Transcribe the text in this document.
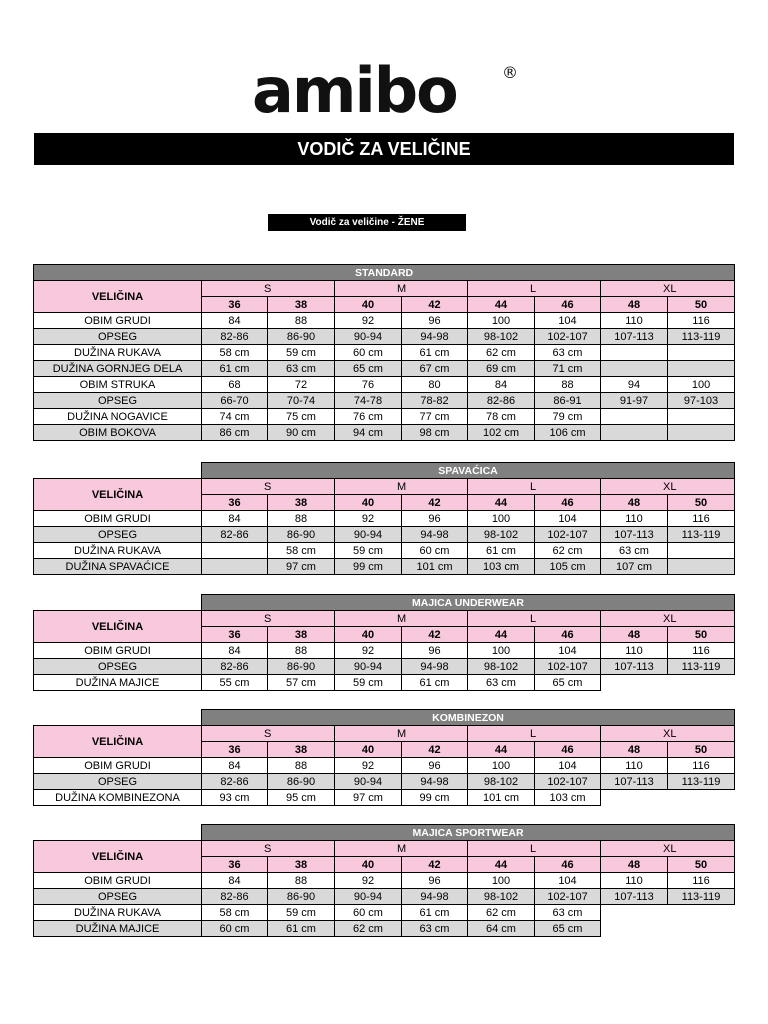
amibo	®
VODIČ ZA VELIČINE
Vodič za veličine - ŽENE
STANDARD								
VELIČINA	S		M		L		XL	
	36	38	40	42	44	46	48	50
OBIM GRUDI	84	88	92	96	100	104	110	116
OPSEG	82-86	86-90	90-94	94-98	98-102	102-107	107-113	113-119
DUŽINA RUKAVA	58 cm	59 cm	60 cm	61 cm	62 cm	63 cm		
DUŽINA GORNJEG DELA	61 cm	63 cm	65 cm	67 cm	69 cm	71 cm		
OBIM STRUKA	68	72	76	80	84	88	94	100
OPSEG	66-70	70-74	74-78	78-82	82-86	86-91	91-97	97-103
DUŽINA NOGAVICE	74 cm	75 cm	76 cm	77 cm	78 cm	79 cm		
OBIM BOKOVA	86 cm	90 cm	94 cm	98 cm	102 cm	106 cm		
	SPAVAĆICA							
VELIČINA	S		M		L		XL	
	36	38	40	42	44	46	48	50
OBIM GRUDI	84	88	92	96	100	104	110	116
OPSEG	82-86	86-90	90-94	94-98	98-102	102-107	107-113	113-119
DUŽINA RUKAVA		58 cm	59 cm	60 cm	61 cm	62 cm	63 cm	
DUŽINA SPAVAĆICE		97 cm	99 cm	101 cm	103 cm	105 cm	107 cm	
	MAJICA UNDERWEAR							
VELIČINA	S		M		L		XL	
	36	38	40	42	44	46	48	50
OBIM GRUDI	84	88	92	96	100	104	110	116
OPSEG	82-86	86-90	90-94	94-98	98-102	102-107	107-113	113-119
DUŽINA MAJICE	55 cm	57 cm	59 cm	61 cm	63 cm	65 cm		
	KOMBINEZON							
VELIČINA	S		M		L		XL	
	36	38	40	42	44	46	48	50
OBIM GRUDI	84	88	92	96	100	104	110	116
OPSEG	82-86	86-90	90-94	94-98	98-102	102-107	107-113	113-119
DUŽINA KOMBINEZONA	93 cm	95 cm	97 cm	99 cm	101 cm	103 cm		
	MAJICA SPORTWEAR							
VELIČINA	S		M		L		XL	
	36	38	40	42	44	46	48	50
OBIM GRUDI	84	88	92	96	100	104	110	116
OPSEG	82-86	86-90	90-94	94-98	98-102	102-107	107-113	113-119
DUŽINA RUKAVA	58 cm	59 cm	60 cm	61 cm	62 cm	63 cm		
DUŽINA MAJICE	60 cm	61 cm	62 cm	63 cm	64 cm	65 cm		
